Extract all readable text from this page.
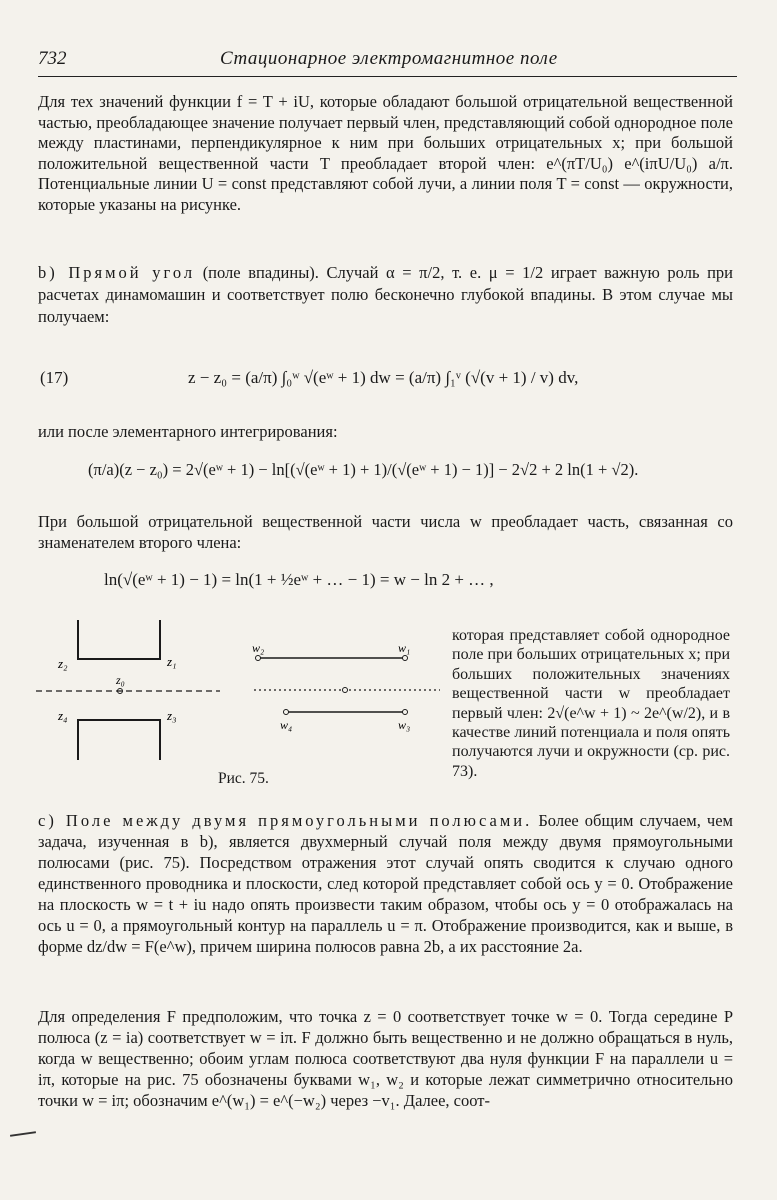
732	Стационарное электромагнитное поле

Для тех значений функции f = T + iU, которые обладают большой отрицательной вещественной частью, преобладающее значение получает первый член, представляющий собой однородное поле между пластинами, перпендикулярное к ним при больших отрицательных x; при большой положительной вещественной части T преобладает второй член: e^(πT/U₀) e^(iπU/U₀) a/π. Потенциальные линии U = const представляют собой лучи, а линии поля T = const — окружности, которые указаны на рисунке.

b) Прямой угол (поле впадины). Случай α = π/2, т. е. μ = 1/2 играет важную роль при расчетах динамомашин и соответствует полю бесконечно глубокой впадины. В этом случае мы получаем:

(17)	z − z₀ = (a/π) ∫₀ʷ √(eʷ + 1) dw = (a/π) ∫₁ᵛ (√(v + 1) / v) dv,

или после элементарного интегрирования:

(π/a)(z − z₀) = 2√(eʷ + 1) − ln[(√(eʷ + 1) + 1)/(√(eʷ + 1) − 1)] − 2√2 + 2 ln(1 + √2).

При большой отрицательной вещественной части числа w преобладает часть, связанная со знаменателем второго члена:

ln(√(eʷ + 1) − 1) = ln(1 + ½eʷ + … − 1) = w − ln 2 + … ,
z₂	z₁
z₀
z₄	z₃
w₂	w₁
w₄	w₃

которая представляет собой однородное поле при больших отрицательных x; при больших положительных значениях вещественной части w преобладает первый член: 2√(e^w + 1) ~ 2e^(w/2), и в качестве линий потенциала и поля опять получаются лучи и окружности (ср. рис. 73).

Рис. 75.

c) Поле между двумя прямоугольными полюсами. Более общим случаем, чем задача, изученная в b), является двухмерный случай поля между двумя прямоугольными полюсами (рис. 75). Посредством отражения этот случай опять сводится к случаю одного единственного проводника и плоскости, след которой представляет собой ось y = 0. Отображение на плоскость w = t + iu надо опять произвести таким образом, чтобы ось y = 0 отображалась на ось u = 0, а прямоугольный контур на параллель u = π. Отображение производится, как и выше, в форме dz/dw = F(e^w), причем ширина полюсов равна 2b, а их расстояние 2a.

Для определения F предположим, что точка z = 0 соответствует точке w = 0. Тогда середине P полюса (z = ia) соответствует w = iπ. F должно быть вещественно и не должно обращаться в нуль, когда w вещественно; обоим углам полюса соответствуют два нуля функции F на параллели u = iπ, которые на рис. 75 обозначены буквами w₁, w₂ и которые лежат симметрично относительно точки w = iπ; обозначим e^(w₁) = e^(−w₂) через −v₁. Далее, соот-
